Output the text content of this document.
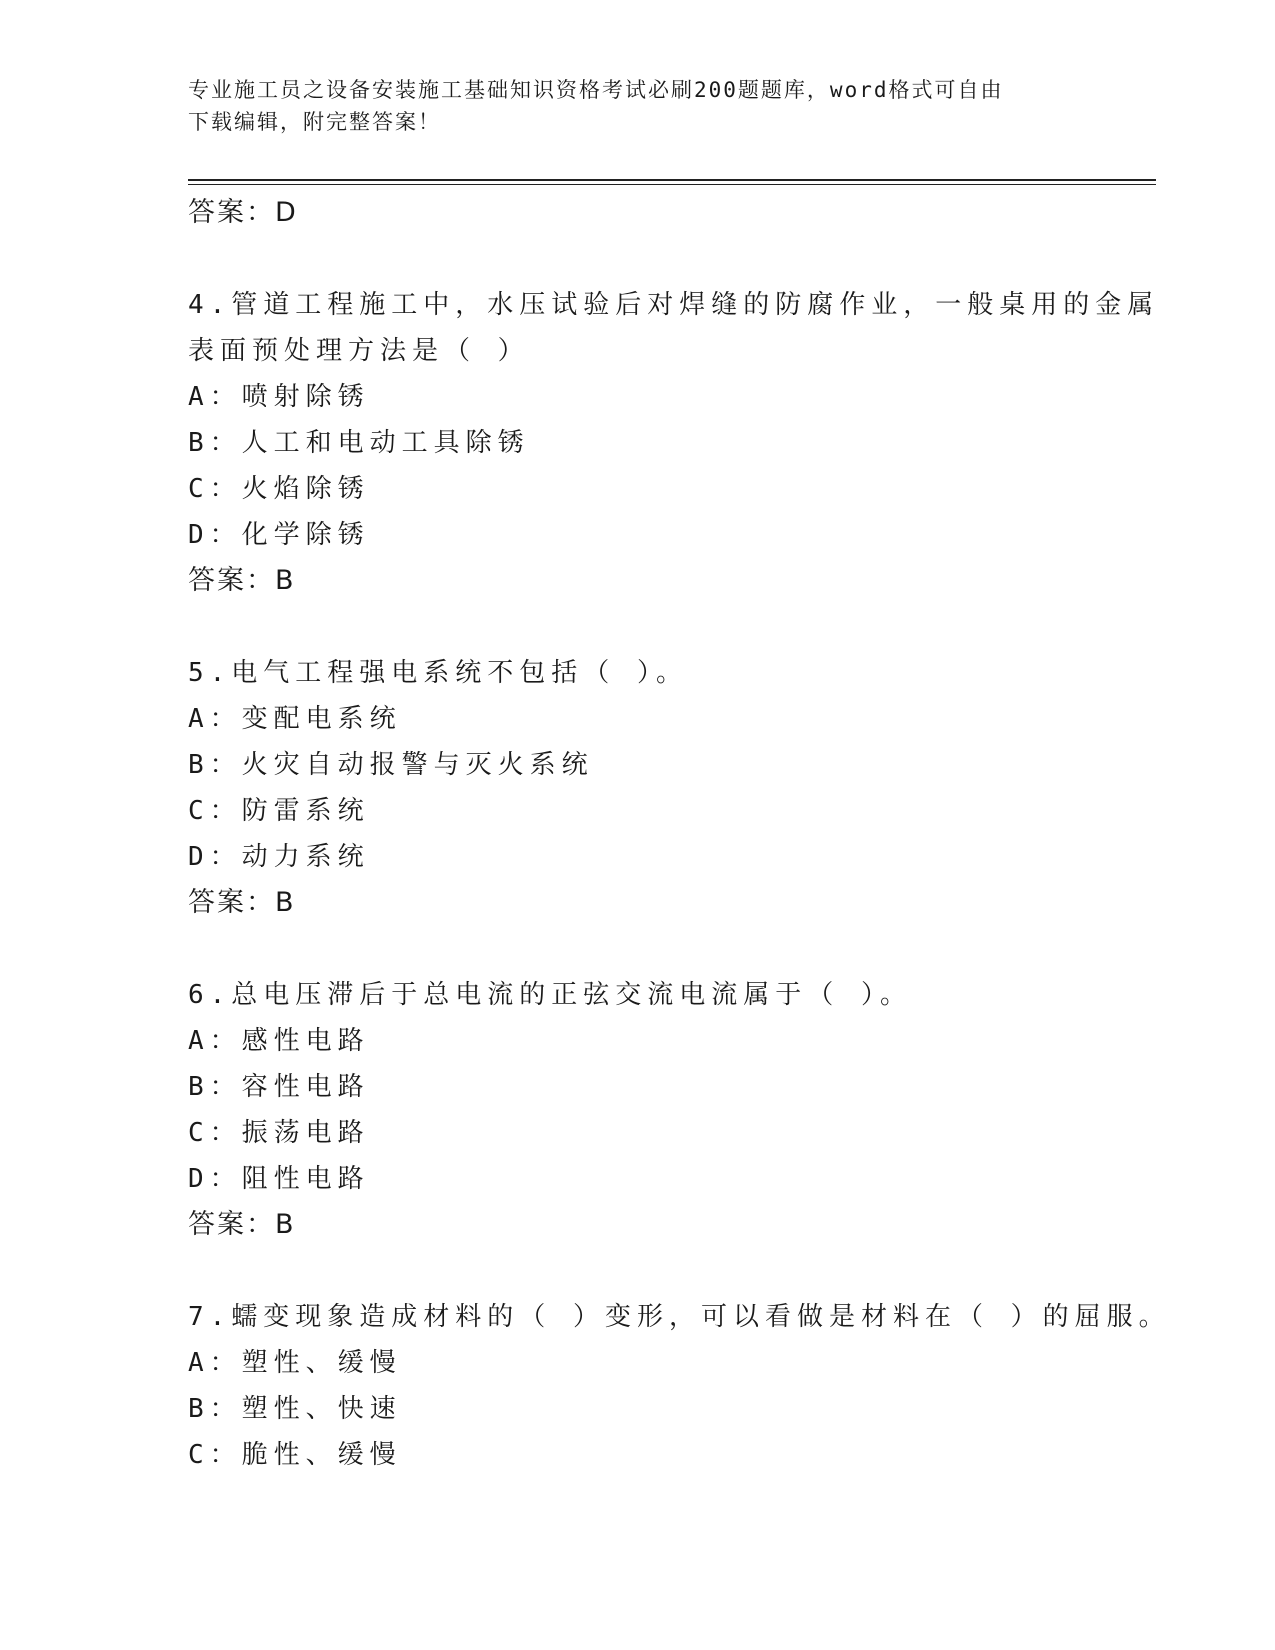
专业施工员之设备安装施工基础知识资格考试必刷200题题库，word格式可自由
下载编辑，附完整答案！
答案：D
4.管道工程施工中，水压试验后对焊缝的防腐作业，一般桌用的金属
表面预处理方法是（ ）
A：喷射除锈
B：人工和电动工具除锈
C：火焰除锈
D：化学除锈
答案：B
5.电气工程强电系统不包括（ ）。
A：变配电系统
B：火灾自动报警与灭火系统
C：防雷系统
D：动力系统
答案：B
6.总电压滞后于总电流的正弦交流电流属于（ ）。
A：感性电路
B：容性电路
C：振荡电路
D：阻性电路
答案：B
7.蠕变现象造成材料的（ ）变形，可以看做是材料在（ ）的屈服。
A：塑性、缓慢
B：塑性、快速
C：脆性、缓慢
